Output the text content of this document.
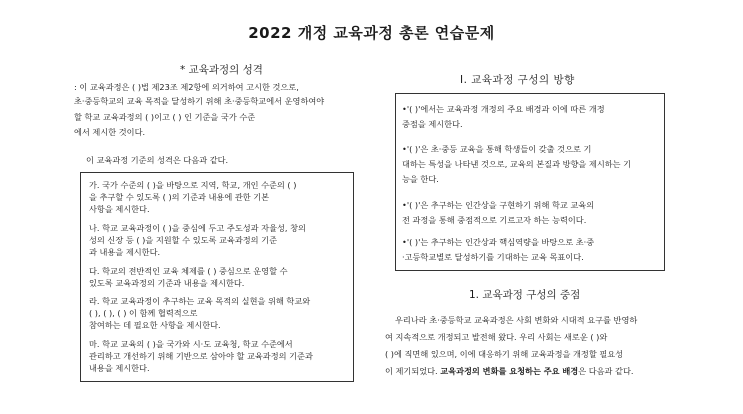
2022 개정 교육과정 총론 연습문제
* 교육과정의 성격
: 이 교육과정은 ( )법 제23조 제2항에 의거하여 고시한 것으로,
초·중등학교의 교육 목적을 달성하기 위해 초·중등학교에서 운영하여야
할 학교 교육과정의 ( )이고 ( ) 인 기준을 국가 수준
에서 제시한 것이다.
이 교육과정 기준의 성격은 다음과 같다.
가. 국가 수준의 ( )을 바탕으로 지역, 학교, 개인 수준의 ( )
을 추구할 수 있도록 ( )의 기준과 내용에 관한 기본
사항을 제시한다.
나. 학교 교육과정이 ( )을 중심에 두고 주도성과 자율성, 창의
성의 신장 등 ( )을 지원할 수 있도록 교육과정의 기준
과 내용을 제시한다.
다. 학교의 전반적인 교육 체제를 ( ) 중심으로 운영할 수
있도록 교육과정의 기준과 내용을 제시한다.
라. 학교 교육과정이 추구하는 교육 목적의 실현을 위해 학교와
( ), ( ), ( ) 이 함께 협력적으로
참여하는 데 필요한 사항을 제시한다.
마. 학교 교육의 ( )을 국가와 시·도 교육청, 학교 수준에서
관리하고 개선하기 위해 기반으로 삼아야 할 교육과정의 기준과
내용을 제시한다.
I. 교육과정 구성의 방향
•'( )'에서는 교육과정 개정의 주요 배경과 이에 따른 개정
중점을 제시한다.
•'( )'은 초·중등 교육을 통해 학생들이 갖출 것으로 기
대하는 특성을 나타낸 것으로, 교육의 본질과 방향을 제시하는 기
능을 한다.
•'( )'은 추구하는 인간상을 구현하기 위해 학교 교육의
전 과정을 통해 중점적으로 기르고자 하는 능력이다.
•'( )'는 추구하는 인간상과 핵심역량을 바탕으로 초·중
·고등학교별로 달성하기를 기대하는 교육 목표이다.
1. 교육과정 구성의 중점
우리나라 초·중등학교 교육과정은 사회 변화와 시대적 요구를 반영하
여 지속적으로 개정되고 발전해 왔다. 우리 사회는 새로운 ( )와
( )에 직면해 있으며, 이에 대응하기 위해 교육과정을 개정할 필요성
이 제기되었다. 교육과정의 변화를 요청하는 주요 배경은 다음과 같다.
